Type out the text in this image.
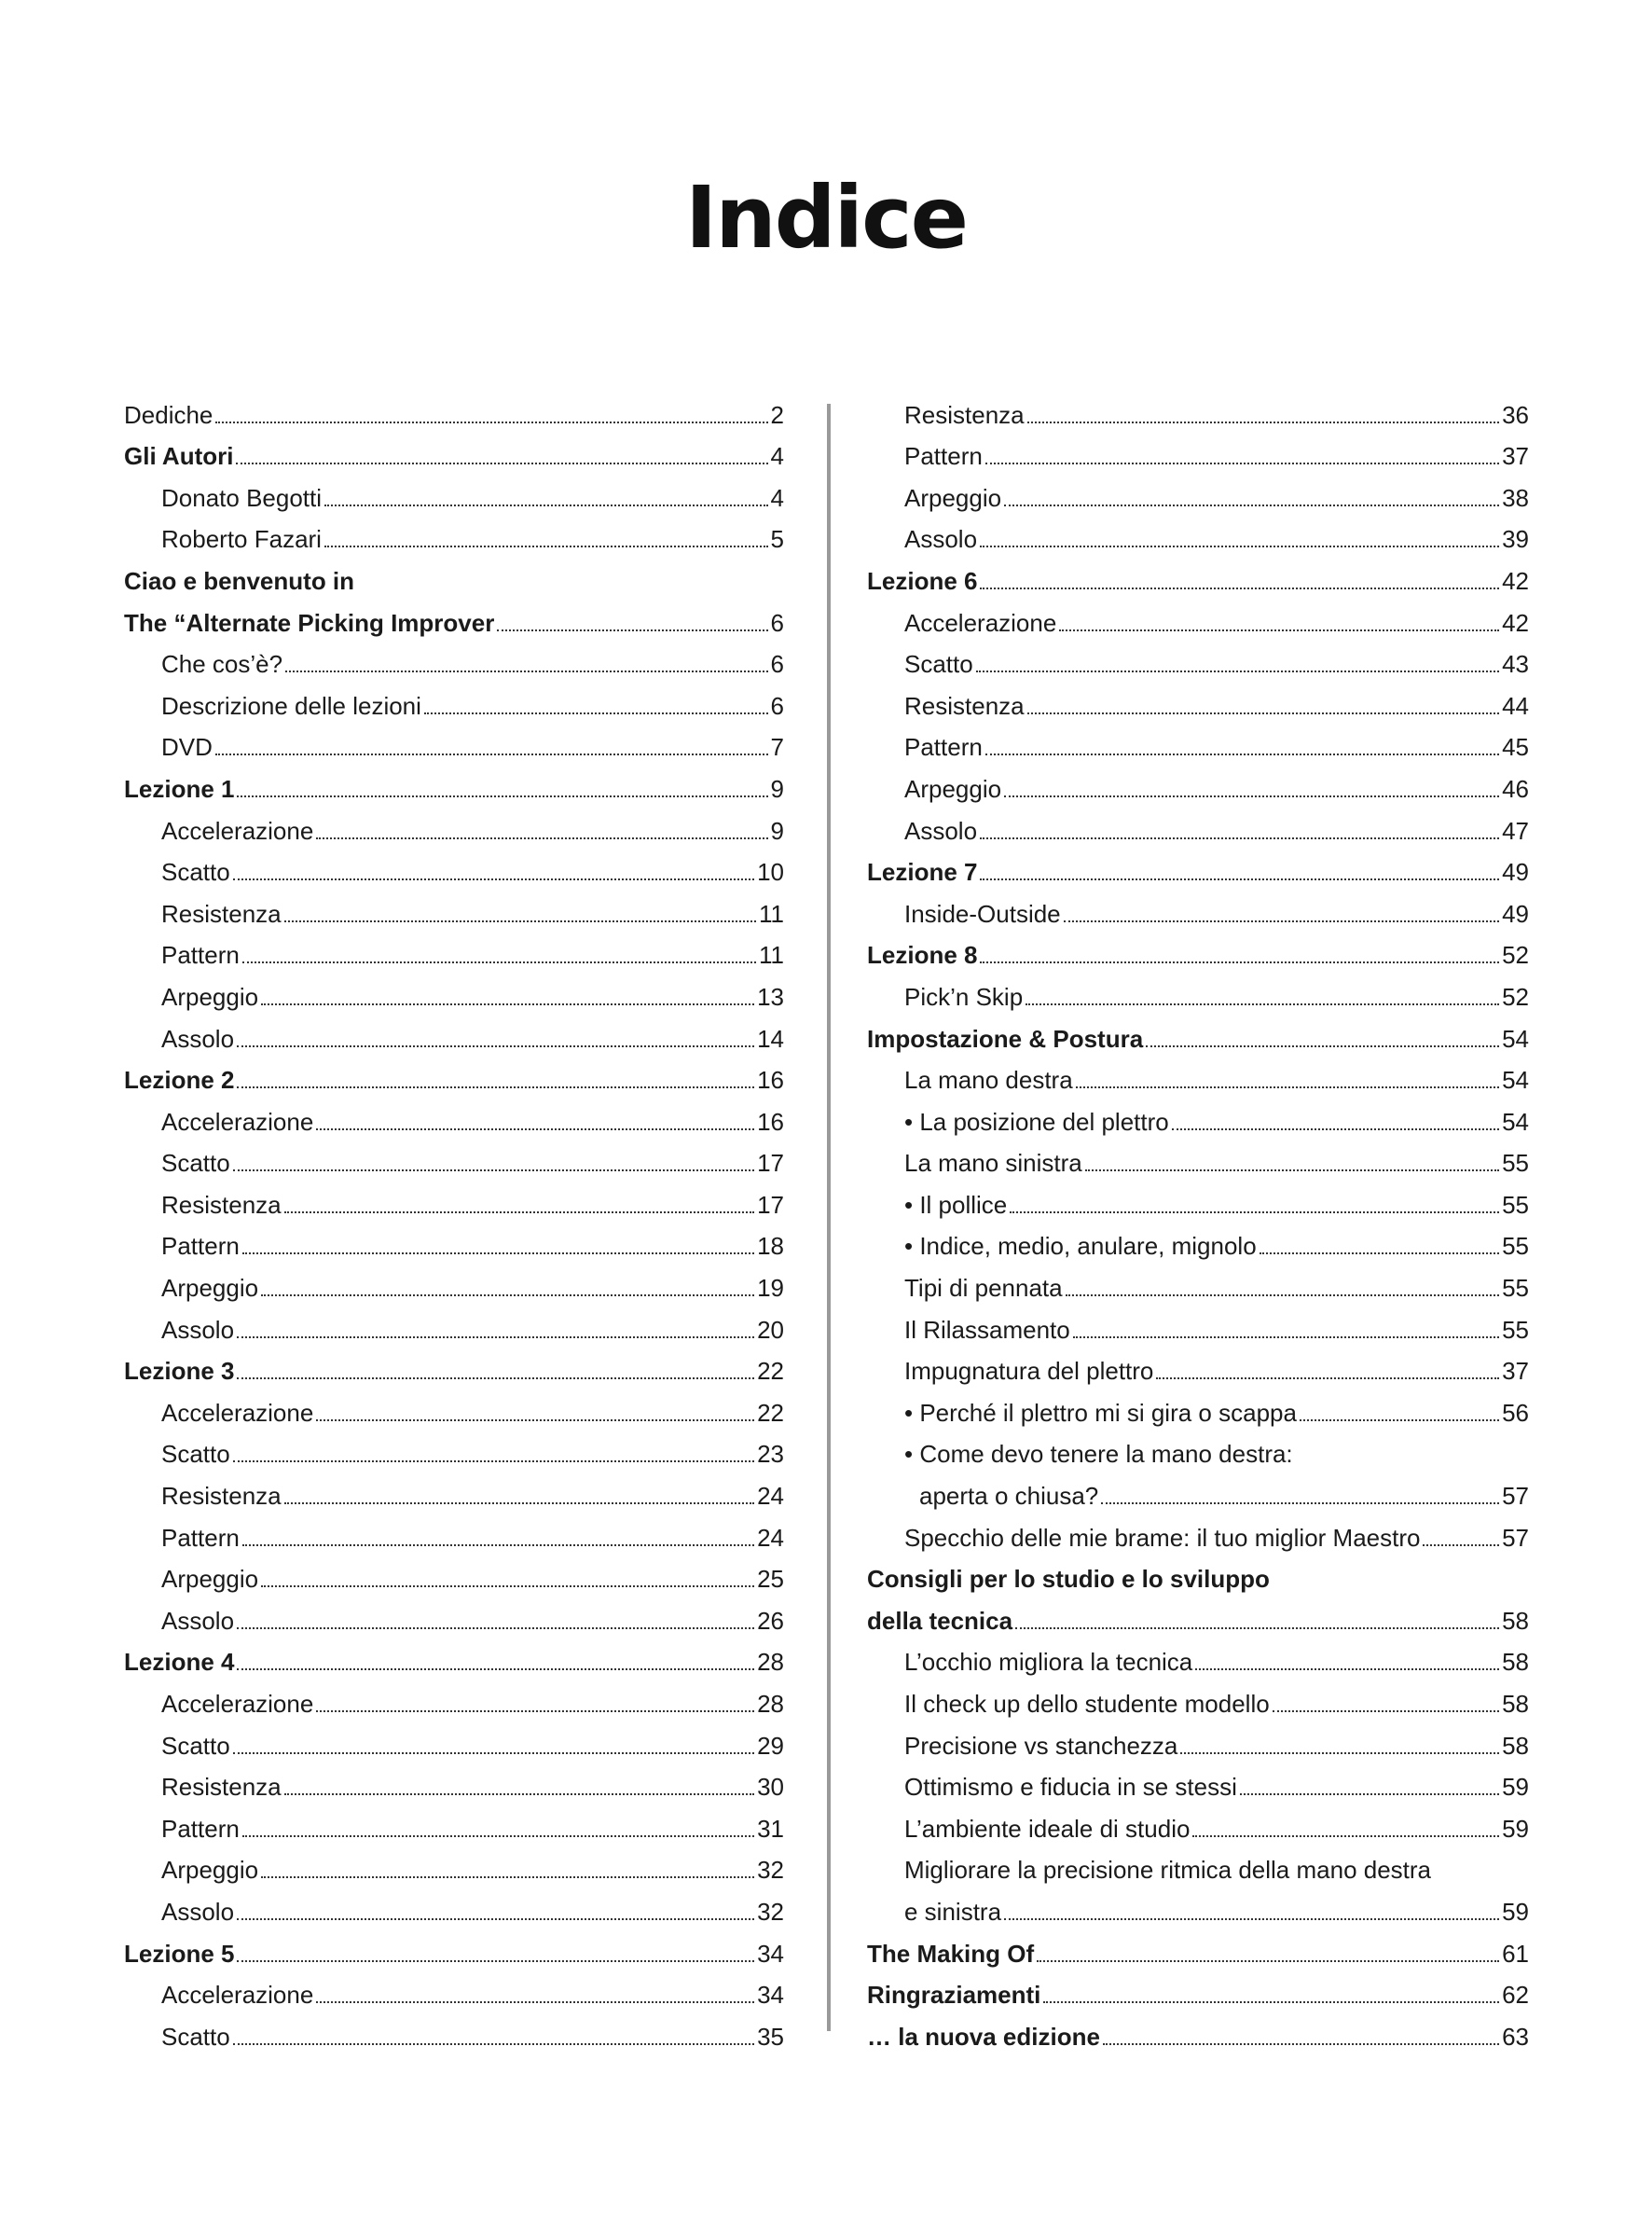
Indice
Dediche	2
Gli Autori	4
Donato Begotti	4
Roberto Fazari	5
Ciao e benvenuto in
The “Alternate Picking Improver	6
Che cos’è?	6
Descrizione delle lezioni	6
DVD	7
Lezione 1	9
Accelerazione	9
Scatto	10
Resistenza	11
Pattern	11
Arpeggio	13
Assolo	14
Lezione 2	16
Accelerazione	16
Scatto	17
Resistenza	17
Pattern	18
Arpeggio	19
Assolo	20
Lezione 3	22
Accelerazione	22
Scatto	23
Resistenza	24
Pattern	24
Arpeggio	25
Assolo	26
Lezione 4	28
Accelerazione	28
Scatto	29
Resistenza	30
Pattern	31
Arpeggio	32
Assolo	32
Lezione 5	34
Accelerazione	34
Scatto	35
Resistenza	36
Pattern	37
Arpeggio	38
Assolo	39
Lezione 6	42
Accelerazione	42
Scatto	43
Resistenza	44
Pattern	45
Arpeggio	46
Assolo	47
Lezione 7	49
Inside-Outside	49
Lezione 8	52
Pick’n Skip	52
Impostazione & Postura	54
La mano destra	54
• La posizione del plettro	54
La mano sinistra	55
• Il pollice	55
• Indice, medio, anulare, mignolo	55
Tipi di pennata	55
Il Rilassamento	55
Impugnatura del plettro	37
• Perché il plettro mi si gira o scappa	56
• Come devo tenere la mano destra:
aperta o chiusa?	57
Specchio delle mie brame: il tuo miglior Maestro	57
Consigli per lo studio e lo sviluppo
della tecnica	58
L’occhio migliora la tecnica	58
Il check up dello studente modello	58
Precisione vs stanchezza	58
Ottimismo e fiducia in se stessi	59
L’ambiente ideale di studio	59
Migliorare la precisione ritmica della mano destra
e sinistra	59
The Making Of	61
Ringraziamenti	62
… la nuova edizione	63
